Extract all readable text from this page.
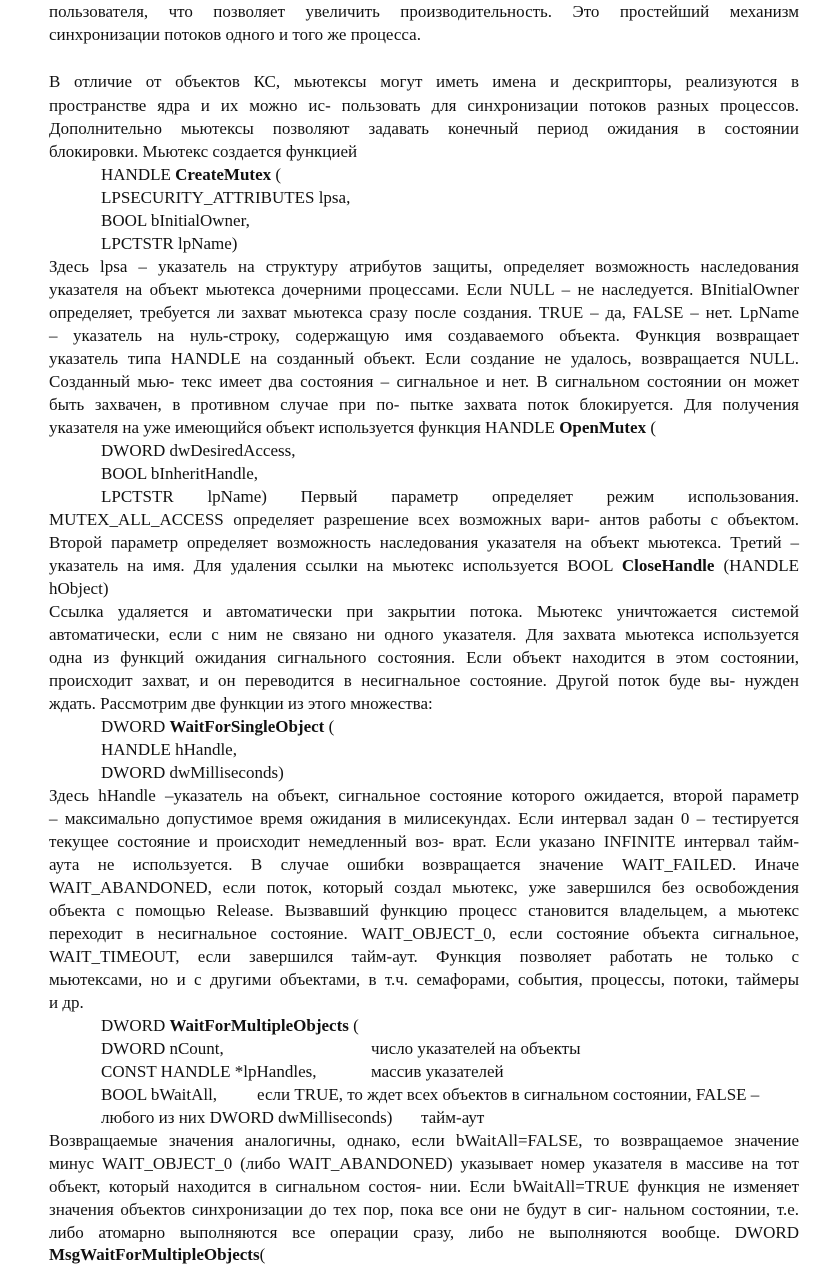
пользователя, что позволяет увеличить производительность. Это простейший механизм
синхронизации потоков одного и того же процесса.
В отличие от объектов КС, мьютексы могут иметь имена и дескрипторы, реализуются в
пространстве ядра и их можно ис- пользовать для синхронизации потоков разных процессов.
Дополнительно мьютексы позволяют задавать конечный период ожидания в состоянии
блокировки. Мьютекс создается функцией
HANDLE CreateMutex (
LPSECURITY_ATTRIBUTES lpsa,
BOOL bInitialOwner,
LPCTSTR lpName)
Здесь lpsa – указатель на структуру атрибутов защиты, определяет возможность наследования
указателя на объект мьютекса дочерними процессами. Если NULL – не наследуется. BInitialOwner
определяет, требуется ли захват мьютекса сразу после создания. TRUE – да, FALSE – нет. LpName
– указатель на нуль-строку, содержащую имя создаваемого объекта. Функция возвращает
указатель типа HANDLE на созданный объект. Если создание не удалось, возвращается NULL.
Созданный мью- текс имеет два состояния – сигнальное и нет. В сигнальном состоянии он может
быть захвачен, в противном случае при по- пытке захвата поток блокируется. Для получения
указателя на уже имеющийся объект используется функция HANDLE OpenMutex (
DWORD dwDesiredAccess,
BOOL bInheritHandle,
LPCTSTR lpName) Первый параметр определяет режим использования.
MUTEX_ALL_ACCESS определяет разрешение всех возможных вари- антов работы с объектом.
Второй параметр определяет возможность наследования указателя на объект мьютекса. Третий –
указатель на имя. Для удаления ссылки на мьютекс используется BOOL CloseHandle (HANDLE
hObject)
Ссылка удаляется и автоматически при закрытии потока. Мьютекс уничтожается системой
автоматически, если с ним не связано ни одного указателя. Для захвата мьютекса используется
одна из функций ожидания сигнального состояния. Если объект находится в этом состоянии,
происходит захват, и он переводится в несигнальное состояние. Другой поток буде вы- нужден
ждать. Рассмотрим две функции из этого множества:
DWORD WaitForSingleObject (
HANDLE hHandle,
DWORD dwMilliseconds)
Здесь hHandle –указатель на объект, сигнальное состояние которого ожидается, второй параметр
– максимально допустимое время ожидания в милисекундах. Если интервал задан 0 – тестируется
текущее состояние и происходит немедленный воз- врат. Если указано INFINITE интервал тайм-
аута не используется. В случае ошибки возвращается значение WAIT_FAILED. Иначе
WAIT_ABANDONED, если поток, который создал мьютекс, уже завершился без освобождения
объекта с помощью Release. Вызвавший функцию процесс становится владельцем, а мьютекс
переходит в несигнальное состояние. WAIT_OBJECT_0, если состояние объекта сигнальное,
WAIT_TIMEOUT, если завершился тайм-аут. Функция позволяет работать не только с
мьютексами, но и с другими объектами, в т.ч. семафорами, события, процессы, потоки, таймеры
и др.
DWORD WaitForMultipleObjects (
DWORD nCount,	число указателей на объекты
CONST HANDLE *lpHandles,	массив указателей
BOOL bWaitAll, если TRUE, то ждет всех объектов в сигнальном состоянии, FALSE –
любого из них DWORD dwMilliseconds) тайм-аут
Возвращаемые значения аналогичны, однако, если bWaitAll=FALSE, то возвращаемое значение
минус WAIT_OBJECT_0 (либо WAIT_ABANDONED) указывает номер указателя в массиве на тот
объект, который находится в сигнальном состоя- нии. Если bWaitAll=TRUE функция не изменяет
значения объектов синхронизации до тех пор, пока все они не будут в сиг- нальном состоянии, т.е.
либо атомарно выполняются все операции сразу, либо не выполняются вообще. DWORD
MsgWaitForMultipleObjects(
